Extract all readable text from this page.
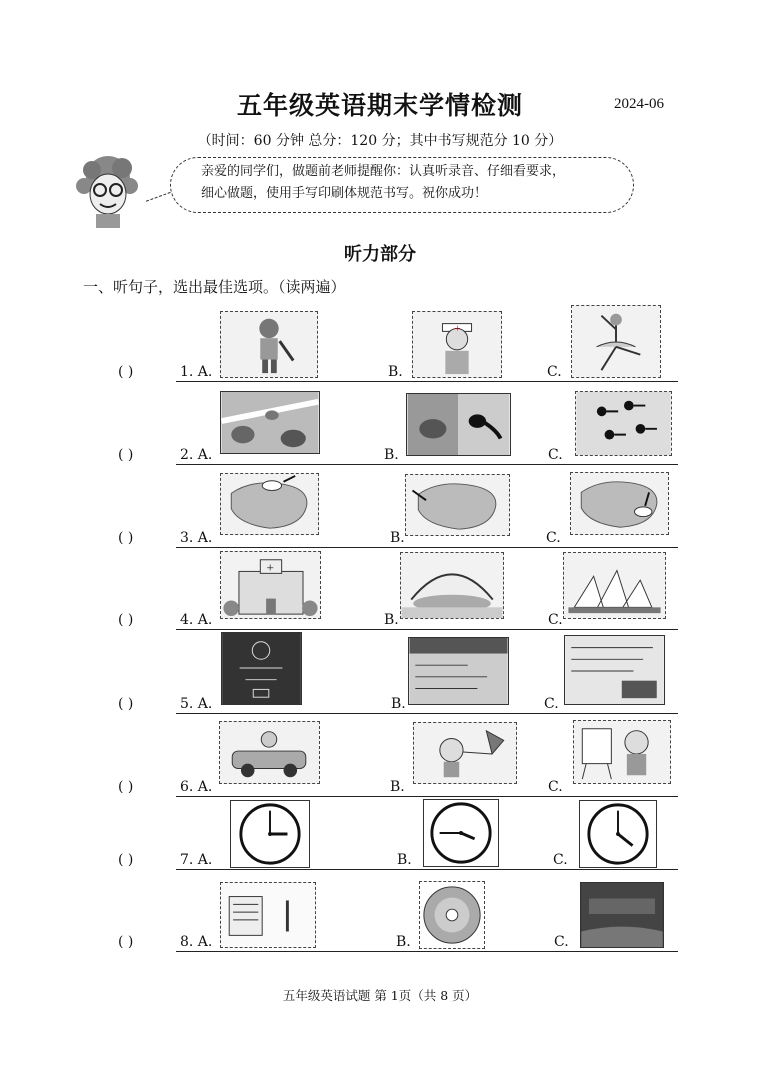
五年级英语期末学情检测	2024-06
（时间：60 分钟 总分：120 分；其中书写规范分 10 分）
亲爱的同学们，做题前老师提醒你：认真听录音、仔细看要求，
细心做题，使用手写印刷体规范书写。祝你成功！
听力部分
一、听句子，选出最佳选项。（读两遍）
( )	1. A.	B.	C.
+
( )	2. A.	B.	C.
( )	3. A.	B.	C.
( )	4. A.	B.	C.
+
( )	5. A.	B.	C.
( )	6. A.	B.	C.
( )	7. A.	B.	C.
( )	8. A.	B.	C.
五年级英语试题 第 1页（共 8 页）
